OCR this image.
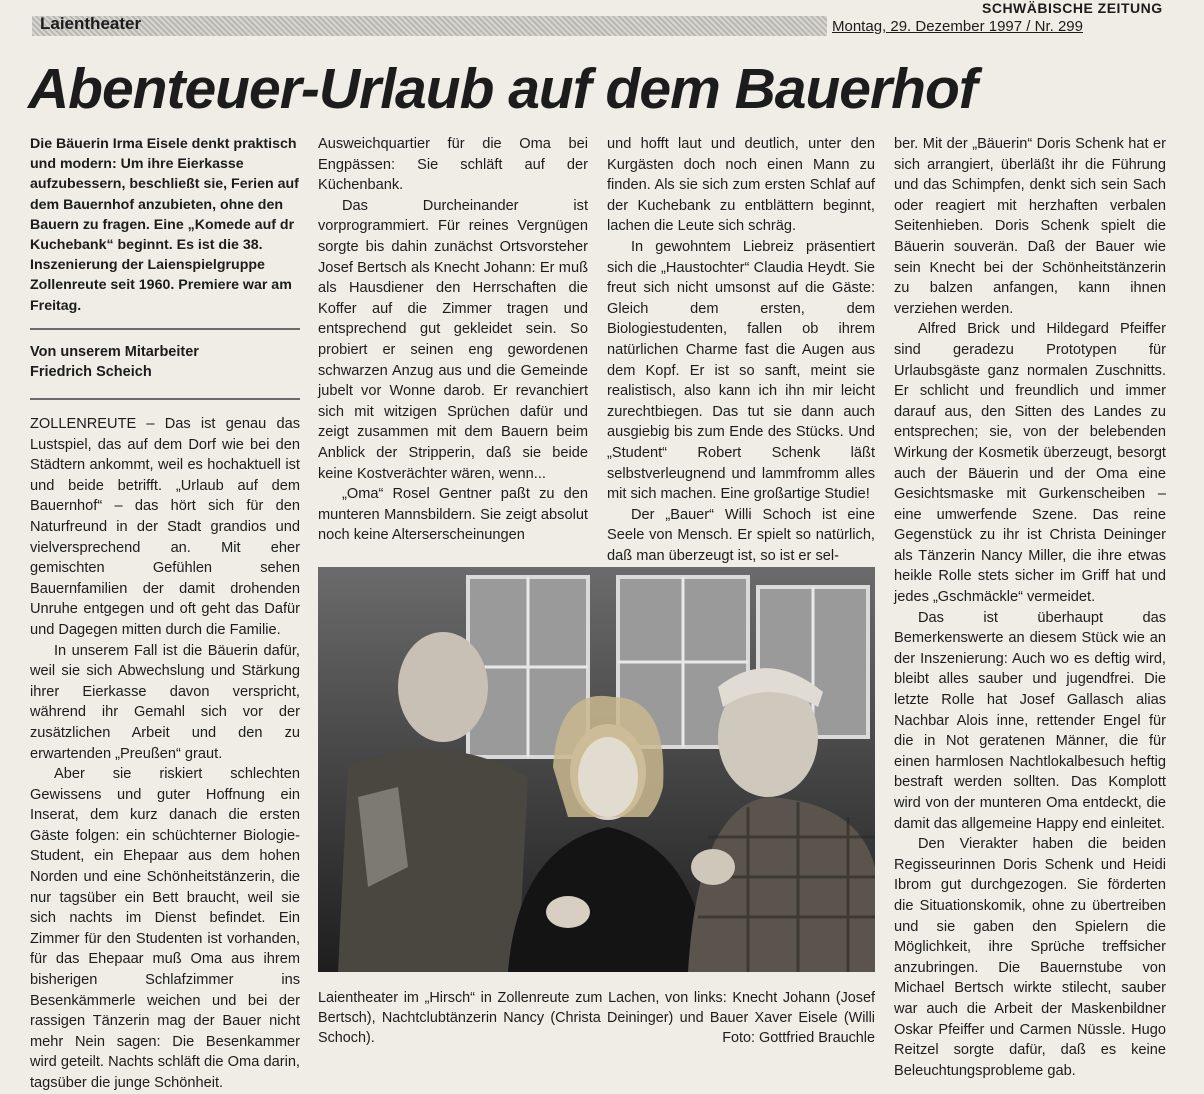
Laientheater
SCHWÄBISCHE ZEITUNG
Montag, 29. Dezember 1997 / Nr. 299
Abenteuer-Urlaub auf dem Bauerhof
Die Bäuerin Irma Eisele denkt praktisch und modern: Um ihre Eierkasse aufzubessern, beschließt sie, Ferien auf dem Bauernhof anzubieten, ohne den Bauern zu fragen. Eine „Komede auf dr Kuchebank“ beginnt. Es ist die 38. Inszenierung der Laienspielgruppe Zollenreute seit 1960. Premiere war am Freitag.
Von unserem Mitarbeiter
Friedrich Scheich

ZOLLENREUTE – Das ist genau das Lustspiel, das auf dem Dorf wie bei den Städtern ankommt, weil es hochaktuell ist und beide betrifft. „Urlaub auf dem Bauernhof“ – das hört sich für den Naturfreund in der Stadt grandios und vielversprechend an. Mit eher gemischten Gefühlen sehen Bauernfamilien der damit drohenden Unruhe entgegen und oft geht das Dafür und Dagegen mitten durch die Familie.

In unserem Fall ist die Bäuerin dafür, weil sie sich Abwechslung und Stärkung ihrer Eierkasse davon verspricht, während ihr Gemahl sich vor der zusätzlichen Arbeit und den zu erwartenden „Preußen“ graut.

Aber sie riskiert schlechten Gewissens und guter Hoffnung ein Inserat, dem kurz danach die ersten Gäste folgen: ein schüchterner Biologie-Student, ein Ehepaar aus dem hohen Norden und eine Schönheitstänzerin, die nur tagsüber ein Bett braucht, weil sie sich nachts im Dienst befindet. Ein Zimmer für den Studenten ist vorhanden, für das Ehepaar muß Oma aus ihrem bisherigen Schlafzimmer ins Besenkämmerle weichen und bei der rassigen Tänzerin mag der Bauer nicht mehr Nein sagen: Die Besenkammer wird geteilt. Nachts schläft die Oma darin, tagsüber die junge Schönheit.

Ausweichquartier für die Oma bei Engpässen: Sie schläft auf der Küchenbank.

Das Durcheinander ist vorprogrammiert. Für reines Vergnügen sorgte bis dahin zunächst Ortsvorsteher Josef Bertsch als Knecht Johann: Er muß als Hausdiener den Herrschaften die Koffer auf die Zimmer tragen und entsprechend gut gekleidet sein. So probiert er seinen eng gewordenen schwarzen Anzug aus und die Gemeinde jubelt vor Wonne darob. Er revanchiert sich mit witzigen Sprüchen dafür und zeigt zusammen mit dem Bauern beim Anblick der Stripperin, daß sie beide keine Kostverächter wären, wenn...

„Oma“ Rosel Gentner paßt zu den munteren Mannsbildern. Sie zeigt absolut noch keine Alterserscheinungen

und hofft laut und deutlich, unter den Kurgästen doch noch einen Mann zu finden. Als sie sich zum ersten Schlaf auf der Kuchebank zu entblättern beginnt, lachen die Leute sich schräg.

In gewohntem Liebreiz präsentiert sich die „Haustochter“ Claudia Heydt. Sie freut sich nicht umsonst auf die Gäste: Gleich dem ersten, dem Biologiestudenten, fallen ob ihrem natürlichen Charme fast die Augen aus dem Kopf. Er ist so sanft, meint sie realistisch, also kann ich ihn mir leicht zurechtbiegen. Das tut sie dann auch ausgiebig bis zum Ende des Stücks. Und „Student“ Robert Schenk läßt selbstverleugnend und lammfromm alles mit sich machen. Eine großartige Studie!

Der „Bauer“ Willi Schoch ist eine Seele von Mensch. Er spielt so natürlich, daß man überzeugt ist, so ist er sel-

ber. Mit der „Bäuerin“ Doris Schenk hat er sich arrangiert, überläßt ihr die Führung und das Schimpfen, denkt sich sein Sach oder reagiert mit herzhaften verbalen Seitenhieben. Doris Schenk spielt die Bäuerin souverän. Daß der Bauer wie sein Knecht bei der Schönheitstänzerin zu balzen anfangen, kann ihnen verziehen werden.

Alfred Brick und Hildegard Pfeiffer sind geradezu Prototypen für Urlaubsgäste ganz normalen Zuschnitts. Er schlicht und freundlich und immer darauf aus, den Sitten des Landes zu entsprechen; sie, von der belebenden Wirkung der Kosmetik überzeugt, besorgt auch der Bäuerin und der Oma eine Gesichtsmaske mit Gurkenscheiben – eine umwerfende Szene. Das reine Gegenstück zu ihr ist Christa Deininger als Tänzerin Nancy Miller, die ihre etwas heikle Rolle stets sicher im Griff hat und jedes „Gschmäckle“ vermeidet.

Das ist überhaupt das Bemerkenswerte an diesem Stück wie an der Inszenierung: Auch wo es deftig wird, bleibt alles sauber und jugendfrei. Die letzte Rolle hat Josef Gallasch alias Nachbar Alois inne, rettender Engel für die in Not geratenen Männer, die für einen harmlosen Nachtlokalbesuch heftig bestraft werden sollten. Das Komplott wird von der munteren Oma entdeckt, die damit das allgemeine Happy end einleitet.

Den Vierakter haben die beiden Regisseurinnen Doris Schenk und Heidi Ibrom gut durchgezogen. Sie förderten die Situationskomik, ohne zu übertreiben und sie gaben den Spielern die Möglichkeit, ihre Sprüche treffsicher anzubringen. Die Bauernstube von Michael Bertsch wirkte stilecht, sauber war auch die Arbeit der Maskenbildner Oskar Pfeiffer und Carmen Nüssle. Hugo Reitzel sorgte dafür, daß es keine Beleuchtungsprobleme gab.

Laientheater im „Hirsch“ in Zollenreute zum Lachen, von links: Knecht Johann (Josef Bertsch), Nachtclubtänzerin Nancy (Christa Deininger) und Bauer Xaver Eisele (Willi Schoch).	Foto: Gottfried Brauchle
